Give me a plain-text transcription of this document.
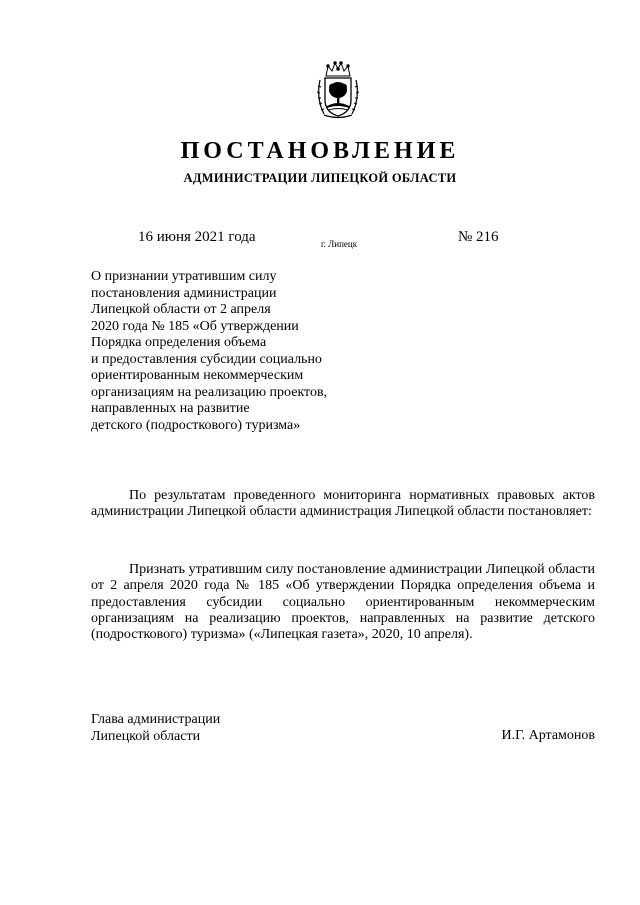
ПОСТАНОВЛЕНИЕ
АДМИНИСТРАЦИИ ЛИПЕЦКОЙ ОБЛАСТИ
16 июня 2021 года	г. Липецк	№ 216
О признании утратившим силу
постановления администрации
Липецкой области от 2 апреля
2020 года № 185 «Об утверждении
Порядка определения объема
и предоставления субсидии социально
ориентированным некоммерческим
организациям на реализацию проектов,
направленных на развитие
детского (подросткового) туризма»

По результатам проведенного мониторинга нормативных правовых актов администрации Липецкой области администрация Липецкой области постановляет:

Признать утратившим силу постановление администрации Липецкой области от 2 апреля 2020 года № 185 «Об утверждении Порядка определения объема и предоставления субсидии социально ориентированным некоммерческим организациям на реализацию проектов, направленных на развитие детского (подросткового) туризма» («Липецкая газета», 2020, 10 апреля).

Глава администрации
Липецкой области	И.Г. Артамонов
